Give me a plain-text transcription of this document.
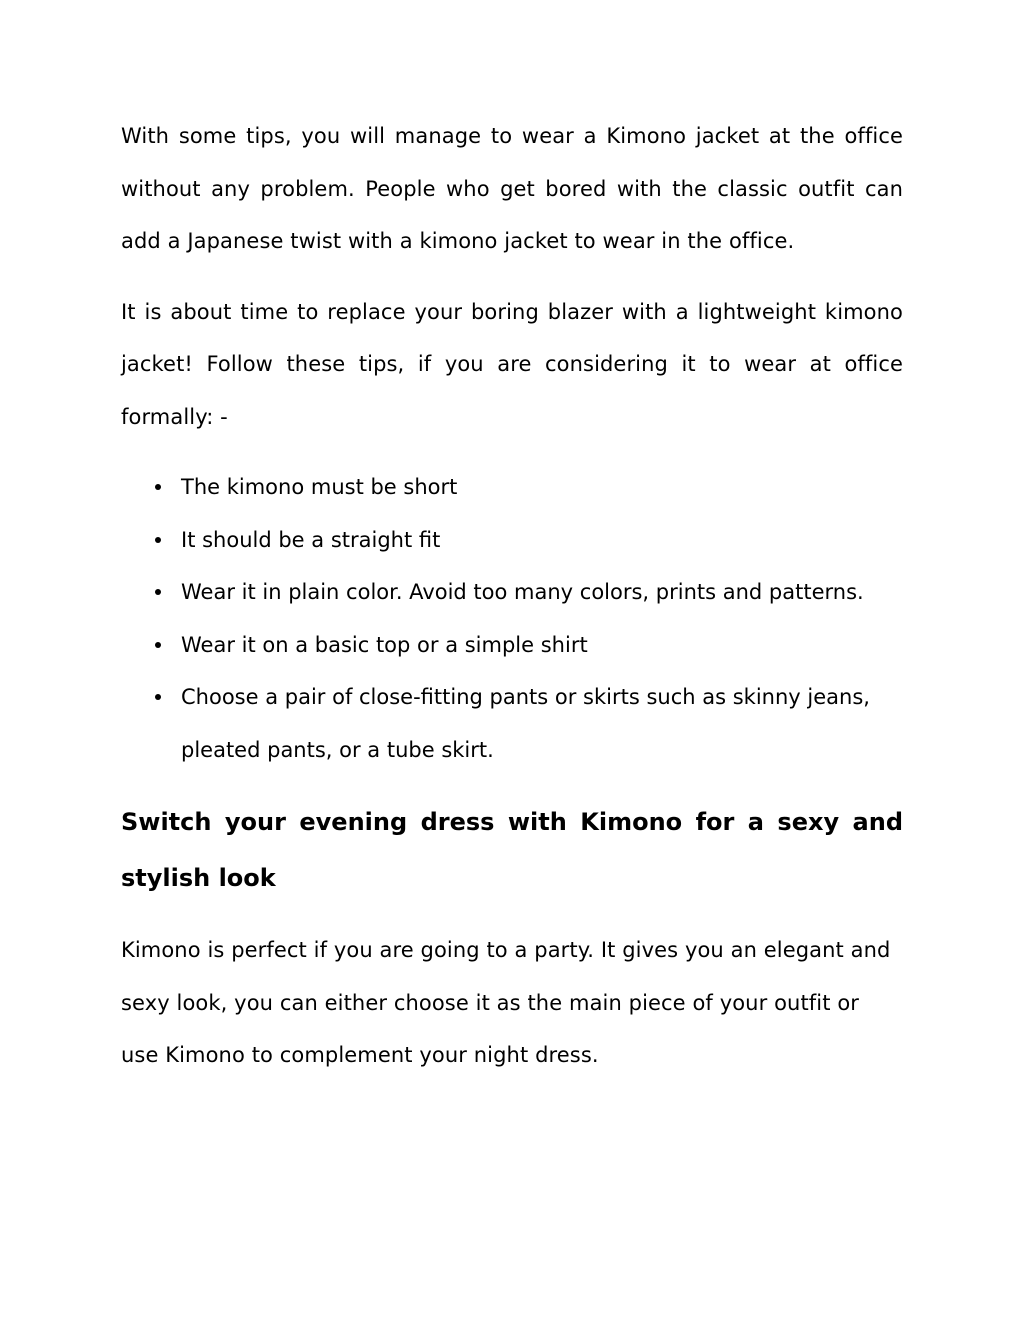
With some tips, you will manage to wear a Kimono jacket at the office without any problem. People who get bored with the classic outfit can add a Japanese twist with a kimono jacket to wear in the office.

It is about time to replace your boring blazer with a lightweight kimono jacket! Follow these tips, if you are considering it to wear at office formally: -

The kimono must be short
It should be a straight fit
Wear it in plain color. Avoid too many colors, prints and patterns.
Wear it on a basic top or a simple shirt
Choose a pair of close-fitting pants or skirts such as skinny jeans, pleated pants, or a tube skirt.
Switch your evening dress with Kimono for a sexy and stylish look

Kimono is perfect if you are going to a party. It gives you an elegant and sexy look, you can either choose it as the main piece of your outfit or use Kimono to complement your night dress.
